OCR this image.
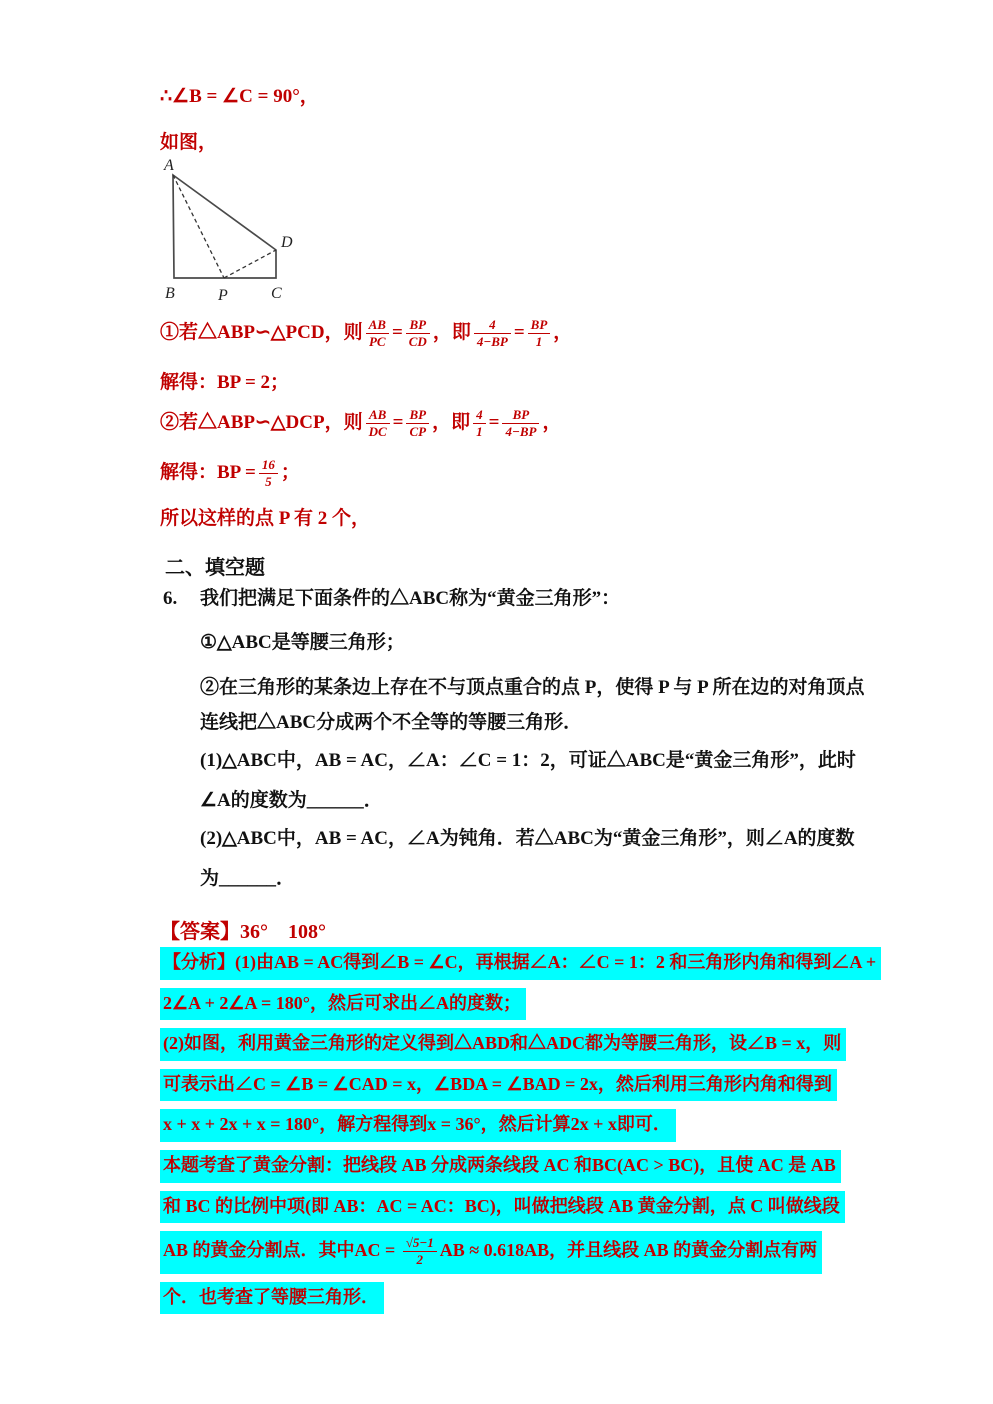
∴∠B = ∠C = 90°，
如图，
A
B	P	C
D
①若△ABP∽△PCD，则 $\frac{AB}{PC} = \frac{BP}{CD}$ ，即 $\frac{4}{4-BP} = \frac{BP}{1}$ ，
解得：BP = 2；
②若△ABP∽△DCP，则 $\frac{AB}{DC} = \frac{BP}{CP}$ ，即 $\frac{4}{1} = \frac{BP}{4-BP}$ ，
解得：BP = $\frac{16}{5}$ ；
所以这样的点 P 有 2 个，
二、填空题
6. 我们把满足下面条件的△ABC称为“黄金三角形”：
①△ABC是等腰三角形；
②在三角形的某条边上存在不与顶点重合的点 P，使得 P 与 P 所在边的对角顶点
连线把△ABC分成两个不全等的等腰三角形．
(1)△ABC中，AB = AC，∠A：∠C = 1：2，可证△ABC是“黄金三角形”，此时
∠A的度数为______．
(2)△ABC中，AB = AC，∠A为钝角．若△ABC为“黄金三角形”，则∠A的度数
为______．
【答案】36°　108°
【分析】(1)由AB = AC得到∠B = ∠C，再根据∠A：∠C = 1：2 和三角形内角和得到∠A +
2∠A + 2∠A = 180°，然后可求出∠A的度数；
(2)如图，利用黄金三角形的定义得到△ABD和△ADC都为等腰三角形，设∠B = x，则
可表示出∠C = ∠B = ∠CAD = x，∠BDA = ∠BAD = 2x，然后利用三角形内角和得到
x + x + 2x + x = 180°，解方程得到x = 36°，然后计算2x + x即可．
本题考查了黄金分割：把线段 AB 分成两条线段 AC 和BC(AC > BC)，且使 AC 是 AB
和 BC 的比例中项(即 AB：AC = AC：BC)，叫做把线段 AB 黄金分割，点 C 叫做线段
AB 的黄金分割点．其中AC = $\frac{√5-1}{2}$ AB ≈ 0.618AB，并且线段 AB 的黄金分割点有两
个．也考查了等腰三角形．
